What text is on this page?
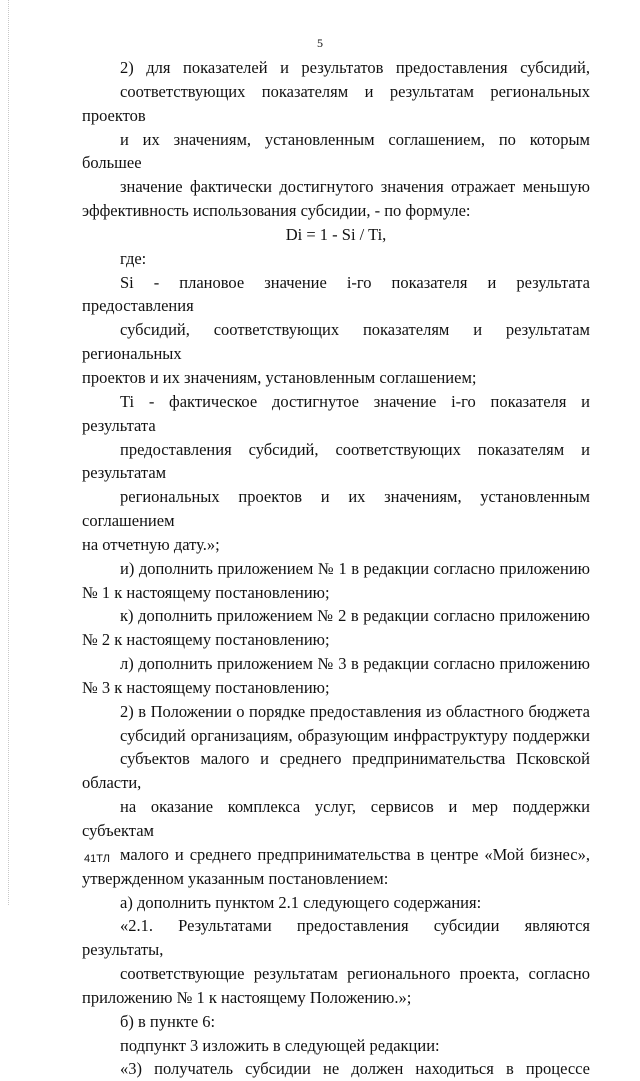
5

2) для показателей и результатов предоставления субсидий,
соответствующих показателям и результатам региональных проектов
и их значениям, установленным соглашением, по которым большее
значение фактически достигнутого значения отражает меньшую
эффективность использования субсидии, - по формуле:

Di = 1 - Si / Ti,

где:

Si - плановое значение i-го показателя и результата предоставления
субсидий, соответствующих показателям и результатам региональных
проектов и их значениям, установленным соглашением;

Ti - фактическое достигнутое значение i-го показателя и результата
предоставления субсидий, соответствующих показателям и результатам
региональных проектов и их значениям, установленным соглашением
на отчетную дату.»;

и) дополнить приложением № 1 в редакции согласно приложению
№ 1 к настоящему постановлению;

к) дополнить приложением № 2 в редакции согласно приложению
№ 2 к настоящему постановлению;

л) дополнить приложением № 3 в редакции согласно приложению
№ 3 к настоящему постановлению;

2) в Положении о порядке предоставления из областного бюджета
субсидий организациям, образующим инфраструктуру поддержки
субъектов малого и среднего предпринимательства Псковской области,
на оказание комплекса услуг, сервисов и мер поддержки субъектам
малого и среднего предпринимательства в центре «Мой бизнес»,
утвержденном указанным постановлением:

а) дополнить пунктом 2.1 следующего содержания:

«2.1. Результатами предоставления субсидии являются результаты,
соответствующие результатам регионального проекта, согласно
приложению № 1 к настоящему Положению.»;

б) в пункте 6:

подпункт 3 изложить в следующей редакции:

«3) получатель субсидии не должен находиться в процессе

41ТЛ
